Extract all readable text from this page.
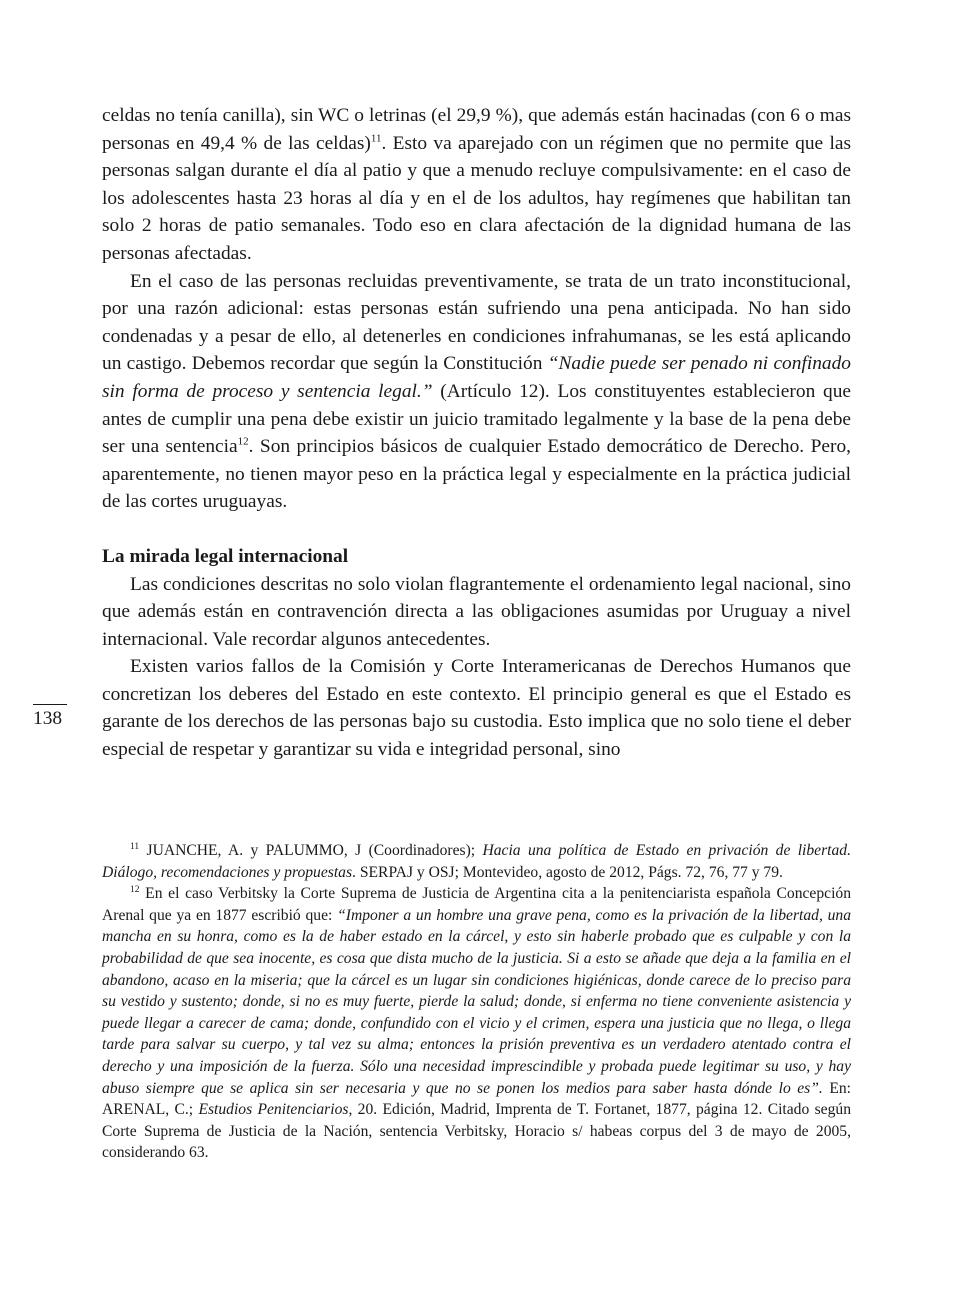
celdas no tenía canilla), sin WC o letrinas (el 29,9 %), que además están hacinadas (con 6 o mas personas en 49,4 % de las celdas)$^{11}$. Esto va aparejado con un régimen que no permite que las personas salgan durante el día al patio y que a menudo recluye compulsivamente: en el caso de los adolescentes hasta 23 horas al día y en el de los adultos, hay regímenes que habilitan tan solo 2 horas de patio semanales. Todo eso en clara afectación de la dignidad humana de las personas afectadas.

En el caso de las personas recluidas preventivamente, se trata de un trato inconstitucional, por una razón adicional: estas personas están sufriendo una pena anticipada. No han sido condenadas y a pesar de ello, al detenerles en condiciones infrahumanas, se les está aplicando un castigo. Debemos recordar que según la Constitución “Nadie puede ser penado ni confinado sin forma de proceso y sentencia legal.” (Artículo 12). Los constituyentes establecieron que antes de cumplir una pena debe existir un juicio tramitado legalmente y la base de la pena debe ser una sentencia$^{12}$. Son principios básicos de cualquier Estado democrático de Derecho. Pero, aparentemente, no tienen mayor peso en la práctica legal y especialmente en la práctica judicial de las cortes uruguayas.

La mirada legal internacional

Las condiciones descritas no solo violan flagrantemente el ordenamiento legal nacional, sino que además están en contravención directa a las obligaciones asumidas por Uruguay a nivel internacional. Vale recordar algunos antecedentes.

Existen varios fallos de la Comisión y Corte Interamericanas de Derechos Humanos que concretizan los deberes del Estado en este contexto. El principio general es que el Estado es garante de los derechos de las personas bajo su custodia. Esto implica que no solo tiene el deber especial de respetar y garantizar su vida e integridad personal, sino

138

$^{11}$ JUANCHE, A. y PALUMMO, J (Coordinadores); Hacia una política de Estado en privación de libertad. Diálogo, recomendaciones y propuestas. SERPAJ y OSJ; Montevideo, agosto de 2012, Págs. 72, 76, 77 y 79.

$^{12}$ En el caso Verbitsky la Corte Suprema de Justicia de Argentina cita a la penitenciarista española Concepción Arenal que ya en 1877 escribió que: “Imponer a un hombre una grave pena, como es la privación de la libertad, una mancha en su honra, como es la de haber estado en la cárcel, y esto sin haberle probado que es culpable y con la probabilidad de que sea inocente, es cosa que dista mucho de la justicia. Si a esto se añade que deja a la familia en el abandono, acaso en la miseria; que la cárcel es un lugar sin condiciones higiénicas, donde carece de lo preciso para su vestido y sustento; donde, si no es muy fuerte, pierde la salud; donde, si enferma no tiene conveniente asistencia y puede llegar a carecer de cama; donde, confundido con el vicio y el crimen, espera una justicia que no llega, o llega tarde para salvar su cuerpo, y tal vez su alma; entonces la prisión preventiva es un verdadero atentado contra el derecho y una imposición de la fuerza. Sólo una necesidad imprescindible y probada puede legitimar su uso, y hay abuso siempre que se aplica sin ser necesaria y que no se ponen los medios para saber hasta dónde lo es”. En: ARENAL, C.; Estudios Penitenciarios, 20. Edición, Madrid, Imprenta de T. Fortanet, 1877, página 12. Citado según Corte Suprema de Justicia de la Nación, sentencia Verbitsky, Horacio s/ habeas corpus del 3 de mayo de 2005, considerando 63.
